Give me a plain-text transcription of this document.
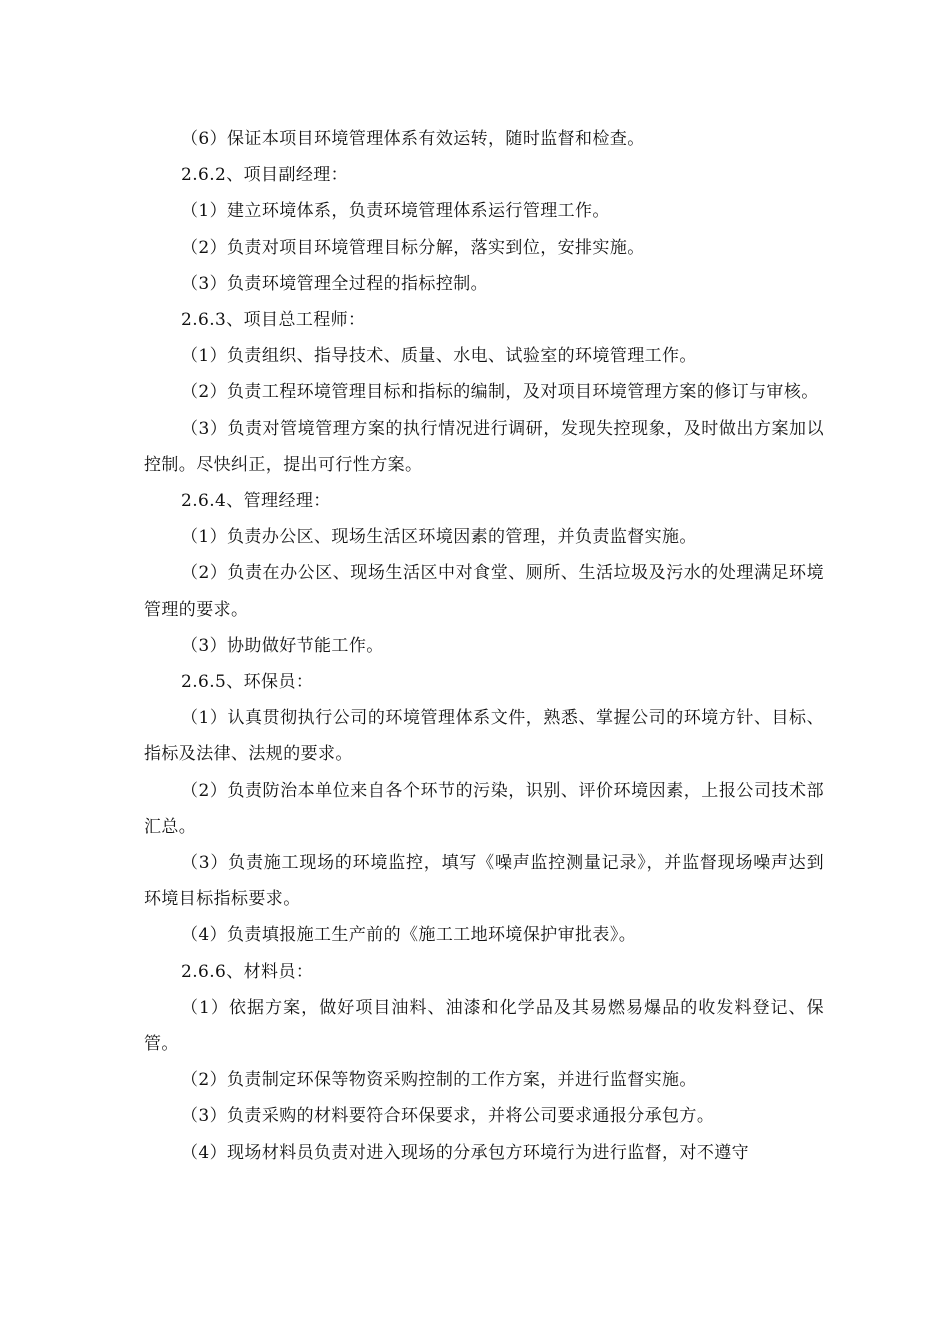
（6）保证本项目环境管理体系有效运转，随时监督和检查。

2.6.2、项目副经理：

（1）建立环境体系，负责环境管理体系运行管理工作。

（2）负责对项目环境管理目标分解，落实到位，安排实施。

（3）负责环境管理全过程的指标控制。

2.6.3、项目总工程师：

（1）负责组织、指导技术、质量、水电、试验室的环境管理工作。

（2）负责工程环境管理目标和指标的编制，及对项目环境管理方案的修订与审核。

（3）负责对管境管理方案的执行情况进行调研，发现失控现象，及时做出方案加以控制。尽快纠正，提出可行性方案。

2.6.4、管理经理：

（1）负责办公区、现场生活区环境因素的管理，并负责监督实施。

（2）负责在办公区、现场生活区中对食堂、厕所、生活垃圾及污水的处理满足环境管理的要求。

（3）协助做好节能工作。

2.6.5、环保员：

（1）认真贯彻执行公司的环境管理体系文件，熟悉、掌握公司的环境方针、目标、指标及法律、法规的要求。

（2）负责防治本单位来自各个环节的污染，识别、评价环境因素，上报公司技术部汇总。

（3）负责施工现场的环境监控，填写《噪声监控测量记录》，并监督现场噪声达到环境目标指标要求。

（4）负责填报施工生产前的《施工工地环境保护审批表》。

2.6.6、材料员：

（1）依据方案，做好项目油料、油漆和化学品及其易燃易爆品的收发料登记、保管。

（2）负责制定环保等物资采购控制的工作方案，并进行监督实施。

（3）负责采购的材料要符合环保要求，并将公司要求通报分承包方。

（4）现场材料员负责对进入现场的分承包方环境行为进行监督，对不遵守
